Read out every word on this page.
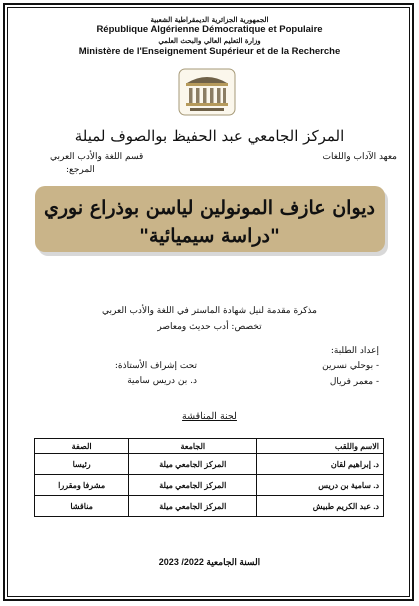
الجمهورية الجزائرية الديمقراطية الشعبية
République Algérienne Démocratique et Populaire
وزارة التعليم العالي والبحث العلمي
Ministère de l'Enseignement Supérieur et de la Recherche
المركز الجامعي عبد الحفيظ بوالصوف لميلة
معهد الآداب واللغات
قسم اللغة والأدب العربي
المرجع:
ديوان عازف المونولين لياسن بوذراع نوري
"دراسة سيميائية"
مذكرة مقدمة لنيل شهادة الماستر في اللغة والأدب العربي
تخصص: أدب حديث ومعاصر
إعداد الطلبة:
- بوحلي نسرين
- معمر فريال
تحت إشراف الأستاذة:
د. بن دريس سامية
لجنة المناقشة
الاسم واللقب	الجامعة	الصفة
د. إبراهيم لقان	المركز الجامعي ميلة	رئيسا
د. سامية بن دريس	المركز الجامعي ميلة	مشرفا ومقررا
د. عبد الكريم طبيش	المركز الجامعي ميلة	مناقشا
السنة الجامعية 2022/ 2023
